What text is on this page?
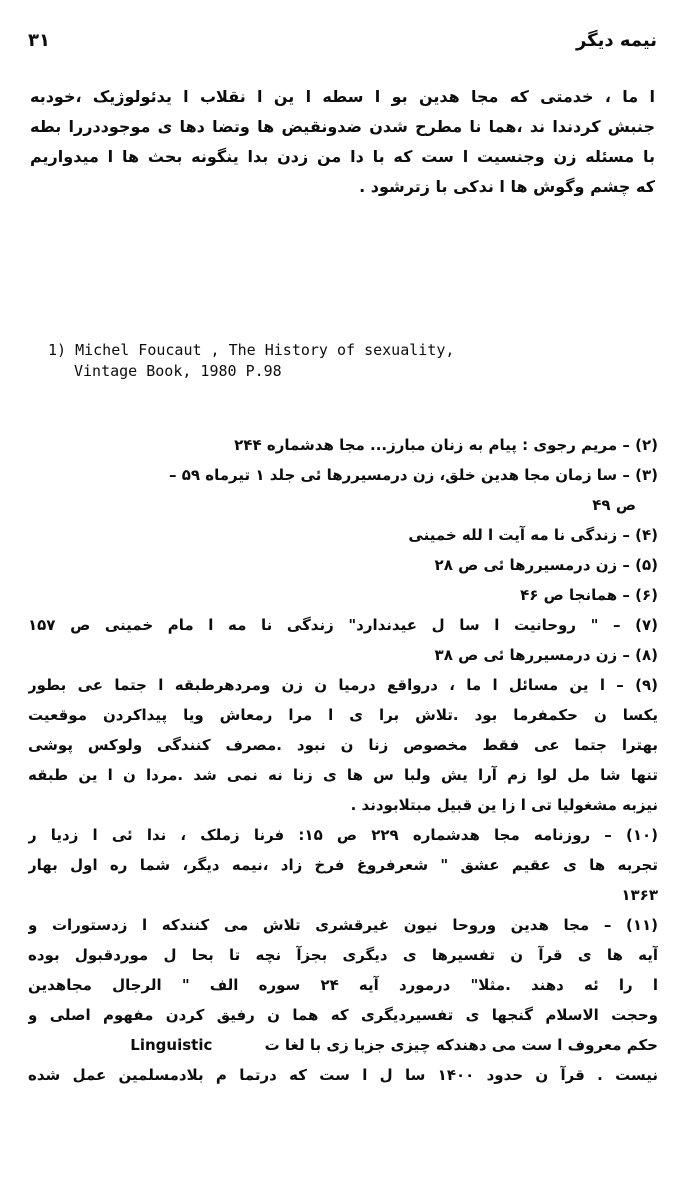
نیمه دیگر
۳۱
ا ما ، خدمتی که مجا هدین بو ا سطه ا ین ا نقلاب ا یدئولوژیک ،خودبه
جنبش کردندا ند ،هما نا مطرح شدن ضدونقیض ها وتضا دها ی موجوددررا بطه
با مسئله زن وجنسیت ا ست که با دا من زدن بدا ینگونه بحث ها ا میدواریم
که چشم وگوش ها ا ندکی با زترشود .
1) Michel Foucaut , The History of sexuality,
Vintage Book, 1980 P.98
(۲) – مریم رجوی : پیام به زنان مبارز... مجا هدشماره ۲۴۴
(۳) – سا زمان مجا هدین خلق، زن درمسیررها ئی جلد ۱ تیرماه ۵۹ –
ص ۴۹
(۴) – زندگی نا مه آیت ا لله خمینی
(۵) – زن درمسیررها ئی ص ۲۸
(۶) – همانجا ص ۴۶
(۷) – " روحانیت ا سا ل عیدندارد" زندگی نا مه ا مام خمینی ص ۱۵۷
(۸) – زن درمسیررها ئی ص ۳۸
(۹) – ا ین مسائل ا ما ، درواقع درمیا ن زن ومردهرطبقه ا جتما عی بطور
یکسا ن حکمفرما بود .تلاش برا ی ا مرا رمعاش ویا پیداکردن موقعیت
بهترا جتما عی فقط مخصوص زنا ن نبود .مصرف کنندگی ولوکس پوشی
تنها شا مل لوا زم آرا یش ولبا س ها ی زنا نه نمی شد .مردا ن ا ین طبقه
نیزبه مشغولیا تی ا زا ین قبیل مبتلابودند .
(۱۰) – روزنامه مجا هدشماره ۲۲۹ ص ۱۵: فرنا زملک ، ندا ئی ا زدیا ر
تجربه ها ی عقیم عشق " شعرفروغ فرخ زاد ،نیمه دیگر، شما ره اول بهار
۱۳۶۳
(۱۱) – مجا هدین وروحا نیون غیرقشری تلاش می کنندکه ا زدستورات و
آیه ها ی قرآ ن تفسیرها ی دیگری بجزآ نچه تا بحا ل موردقبول بوده
ا را ئه دهند .مثلا" درمورد آیه ۲۴ سوره الف " الرجال مجاهدین
وحجت الاسلام گنجها ی تفسیردیگری که هما ن رفیق کردن مفهوم اصلی و
حکم معروف ا ست می دهندکه چیزی جزبا زی با لغا ت          Linguistic
نیست . قرآ ن حدود ۱۴۰۰ سا ل ا ست که درتما م بلادمسلمین عمل شده
